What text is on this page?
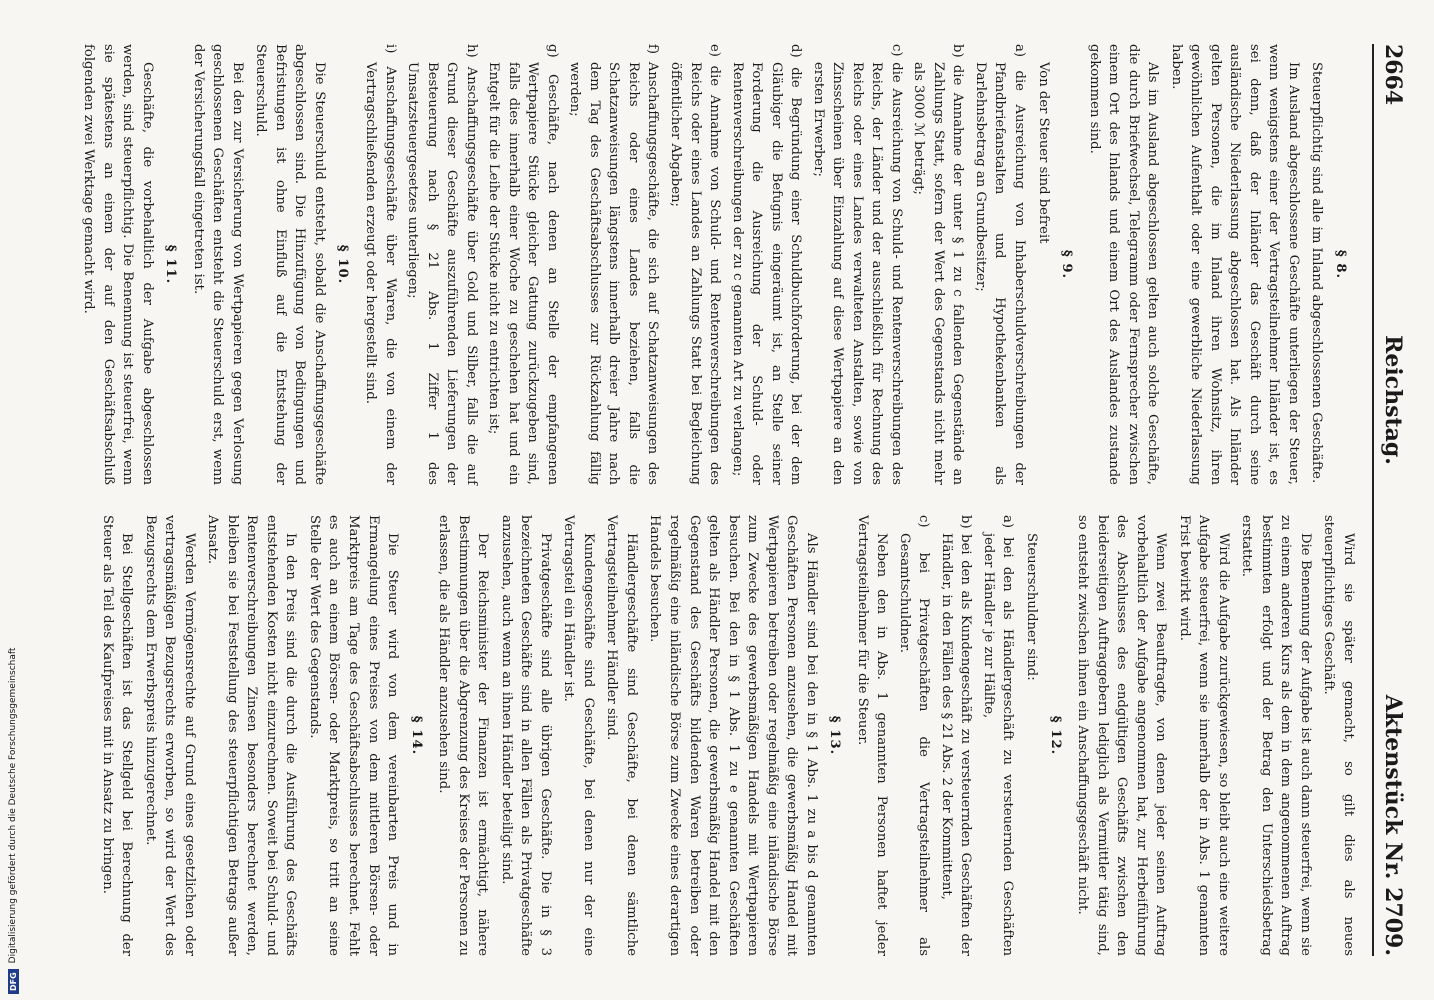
2664
Reichstag.
Aktenstück Nr. 2709.
§ 8.

Steuerpflichtig sind alle im Inland abgeschlossenen Geschäfte.

Im Ausland abgeschlossene Geschäfte unterliegen der Steuer, wenn wenigstens einer der Vertragsteilnehmer Inländer ist, es sei denn, daß der Inländer das Geschäft durch seine ausländische Niederlassung abgeschlossen hat. Als Inländer gelten Personen, die im Inland ihren Wohnsitz, ihren gewöhnlichen Aufenthalt oder eine gewerbliche Niederlassung haben.

Als im Ausland abgeschlossen gelten auch solche Geschäfte, die durch Briefwechsel, Telegramm oder Fernsprecher zwischen einem Ort des Inlands und einem Ort des Auslandes zustande gekommen sind.

§ 9.

Von der Steuer sind befreit

a) die Ausreichung von Inhaberschuldverschreibungen der Pfandbriefanstalten und Hypothekenbanken als Darlehnsbetrag an Grundbesitzer;
b) die Annahme der unter § 1 zu c fallenden Gegenstände an Zahlungs Statt, sofern der Wert des Gegenstands nicht mehr als 3000 ℳ beträgt;
c) die Ausreichung von Schuld- und Rentenverschreibungen des Reichs, der Länder und der ausschließlich für Rechnung des Reichs oder eines Landes verwalteten Anstalten, sowie von Zinsscheinen über Einzahlung auf diese Wertpapiere an den ersten Erwerber;
d) die Begründung einer Schuldbuchforderung, bei der dem Gläubiger die Befugnis eingeräumt ist, an Stelle seiner Forderung die Ausreichung der Schuld- oder Rentenverschreibungen der zu c genannten Art zu verlangen;
e) die Annahme von Schuld- und Rentenverschreibungen des Reichs oder eines Landes an Zahlungs Statt bei Begleichung öffentlicher Abgaben;
f) Anschaffungsgeschäfte, die sich auf Schatzanweisungen des Reichs oder eines Landes beziehen, falls die Schatzanweisungen längstens innerhalb dreier Jahre nach dem Tag des Geschäftsabschlusses zur Rückzahlung fällig werden;
g) Geschäfte, nach denen an Stelle der empfangenen Wertpapiere Stücke gleicher Gattung zurückzugeben sind, falls dies innerhalb einer Woche zu geschehen hat und ein Entgelt für die Leihe der Stücke nicht zu entrichten ist;
h) Anschaffungsgeschäfte über Gold und Silber, falls die auf Grund dieser Geschäfte auszuführenden Lieferungen der Besteuerung nach § 21 Abs. 1 Ziffer 1 des Umsatzsteuergesetzes unterliegen;
i) Anschaffungsgeschäfte über Waren, die von einem der Vertragschließenden erzeugt oder hergestellt sind.
§ 10.

Die Steuerschuld entsteht, sobald die Anschaffungsgeschäfte abgeschlossen sind. Die Hinzufügung von Bedingungen und Befristungen ist ohne Einfluß auf die Entstehung der Steuerschuld.

Bei den zur Versicherung von Wertpapieren gegen Verlosung geschlossenen Geschäften entsteht die Steuerschuld erst, wenn der Versicherungsfall eingetreten ist.

§ 11.

Geschäfte, die vorbehaltlich der Aufgabe abgeschlossen werden, sind steuerpflichtig. Die Benennung ist steuerfrei, wenn sie spätestens an einem der auf den Geschäftsabschluß folgenden zwei Werktage gemacht wird.

Wird sie später gemacht, so gilt dies als neues steuerpflichtiges Geschäft.

Die Benennung der Aufgabe ist auch dann steuerfrei, wenn sie zu einem anderen Kurs als dem in dem angenommenen Auftrag bestimmten erfolgt und der Betrag den Unterschiedsbetrag erstattet.

Wird die Aufgabe zurückgewiesen, so bleibt auch eine weitere Aufgabe steuerfrei, wenn sie innerhalb der in Abs. 1 genannten Frist bewirkt wird.

Wenn zwei Beauftragte, von denen jeder seinen Auftrag vorbehaltlich der Aufgabe angenommen hat, zur Herbeiführung des Abschlusses des endgültigen Geschäfts zwischen den beiderseitigen Auftraggebern lediglich als Vermittler tätig sind, so entsteht zwischen ihnen ein Anschaffungsgeschäft nicht.

§ 12.

Steuerschuldner sind:

a) bei den als Händlergeschäft zu versteuernden Geschäften jeder Händler je zur Hälfte,
b) bei den als Kundengeschäft zu versteuernden Geschäften der Händler, in den Fällen des § 21 Abs. 2 der Kommittent,
c) bei Privatgeschäften die Vertragsteilnehmer als Gesamtschuldner.

Neben den in Abs. 1 genannten Personen haftet jeder Vertragsteilnehmer für die Steuer.

§ 13.

Als Händler sind bei den in § 1 Abs. 1 zu a bis d genannten Geschäften Personen anzusehen, die gewerbsmäßig Handel mit Wertpapieren betreiben oder regelmäßig eine inländische Börse zum Zwecke des gewerbsmäßigen Handels mit Wertpapieren besuchen. Bei den in § 1 Abs. 1 zu e genannten Geschäften gelten als Händler Personen, die gewerbsmäßig Handel mit den Gegenstand des Geschäfts bildenden Waren betreiben oder regelmäßig eine inländische Börse zum Zwecke eines derartigen Handels besuchen.

Händlergeschäfte sind Geschäfte, bei denen sämtliche Vertragsteilnehmer Händler sind.

Kundengeschäfte sind Geschäfte, bei denen nur der eine Vertragsteil ein Händler ist.

Privatgeschäfte sind alle übrigen Geschäfte. Die in § 3 bezeichneten Geschäfte sind in allen Fällen als Privatgeschäfte anzusehen, auch wenn an ihnen Händler beteiligt sind.

Der Reichsminister der Finanzen ist ermächtigt, nähere Bestimmungen über die Abgrenzung des Kreises der Personen zu erlassen, die als Händler anzusehen sind.

§ 14.

Die Steuer wird von dem vereinbarten Preis und in Ermangelung eines Preises von dem mittleren Börsen- oder Marktpreis am Tage des Geschäftsabschlusses berechnet. Fehlt es auch an einem Börsen- oder Marktpreis, so tritt an seine Stelle der Wert des Gegenstands.

In den Preis sind die durch die Ausführung des Geschäfts entstehenden Kosten nicht einzurechnen. Soweit bei Schuld- und Rentenverschreibungen Zinsen besonders berechnet werden, bleiben sie bei Feststellung des steuerpflichtigen Betrags außer Ansatz.

Werden Vermögensrechte auf Grund eines gesetzlichen oder vertragsmäßigen Bezugsrechts erworben, so wird der Wert des Bezugsrechts dem Erwerbspreis hinzugerechnet.

Bei Stellgeschäften ist das Stellgeld bei Berechnung der Steuer als Teil des Kaufpreises mit in Ansatz zu bringen.

DFG
Digitalisierung gefördert durch die Deutsche Forschungsgemeinschaft
